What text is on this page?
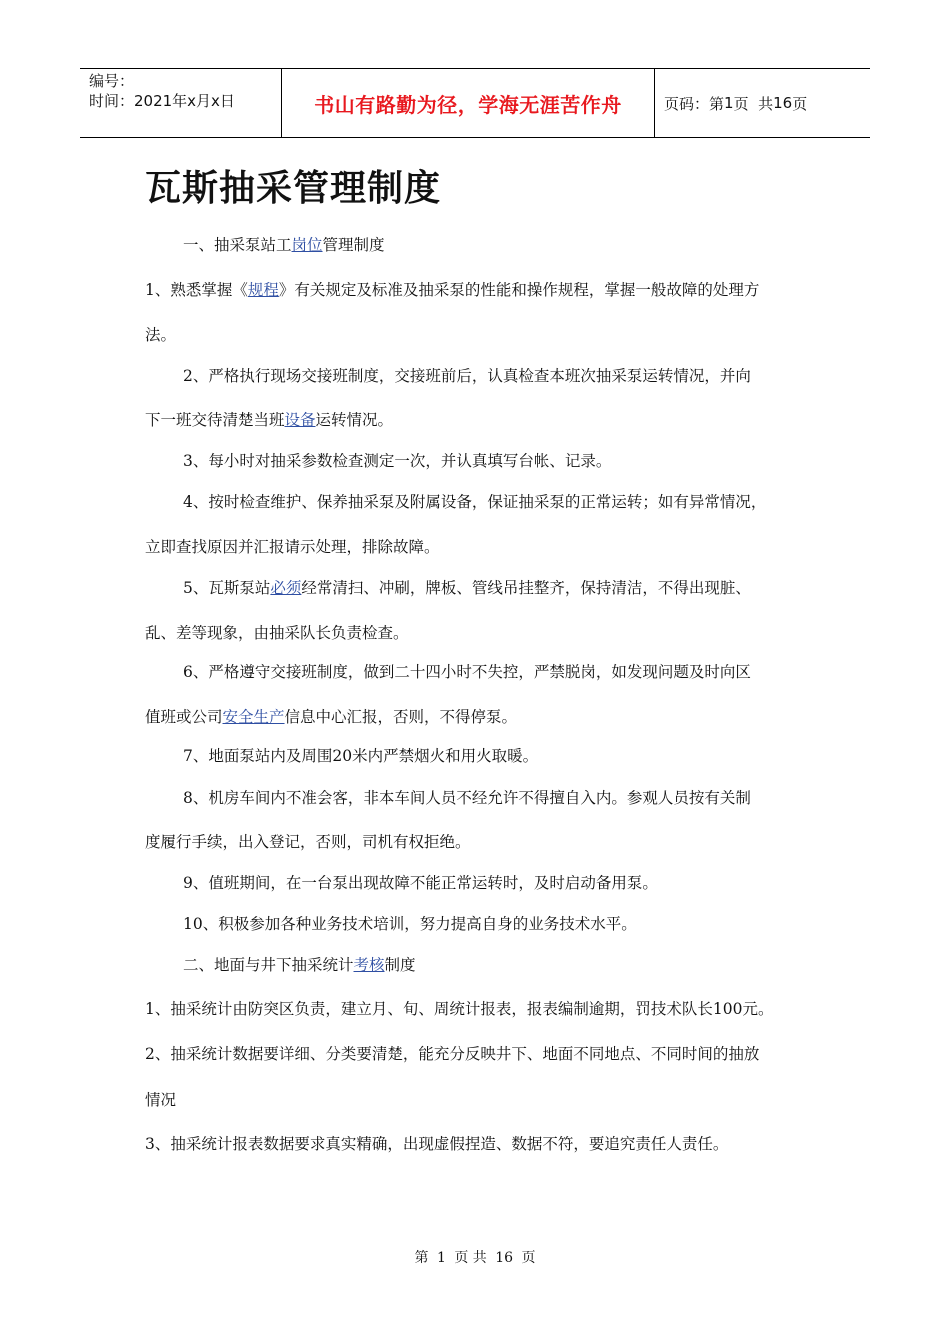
编号：
时间：2021年x月x日	书山有路勤为径，学海无涯苦作舟	页码：第 1 页  共 16 页
瓦斯抽采管理制度
一、抽采泵站工岗位管理制度
1、熟悉掌握《规程》有关规定及标准及抽采泵的性能和操作规程，掌握一般故障的处理方
法。
2、严格执行现场交接班制度，交接班前后，认真检查本班次抽采泵运转情况，并向
下一班交待清楚当班设备运转情况。
3、每小时对抽采参数检查测定一次，并认真填写台帐、记录。
4、按时检查维护、保养抽采泵及附属设备，保证抽采泵的正常运转；如有异常情况，
立即查找原因并汇报请示处理，排除故障。
5、瓦斯泵站必须经常清扫、冲刷，牌板、管线吊挂整齐，保持清洁，不得出现脏、
乱、差等现象，由抽采队长负责检查。
6、严格遵守交接班制度，做到二十四小时不失控，严禁脱岗，如发现问题及时向区
值班或公司安全生产信息中心汇报，否则，不得停泵。
7、地面泵站内及周围20米内严禁烟火和用火取暖。
8、机房车间内不准会客，非本车间人员不经允许不得擅自入内。参观人员按有关制
度履行手续，出入登记，否则，司机有权拒绝。
9、值班期间，在一台泵出现故障不能正常运转时，及时启动备用泵。
10、积极参加各种业务技术培训，努力提高自身的业务技术水平。
二、地面与井下抽采统计考核制度
1、抽采统计由防突区负责，建立月、旬、周统计报表，报表编制逾期，罚技术队长100元。
2、抽采统计数据要详细、分类要清楚，能充分反映井下、地面不同地点、不同时间的抽放
情况
3、抽采统计报表数据要求真实精确，出现虚假捏造、数据不符，要追究责任人责任。
第 1 页 共 16 页
